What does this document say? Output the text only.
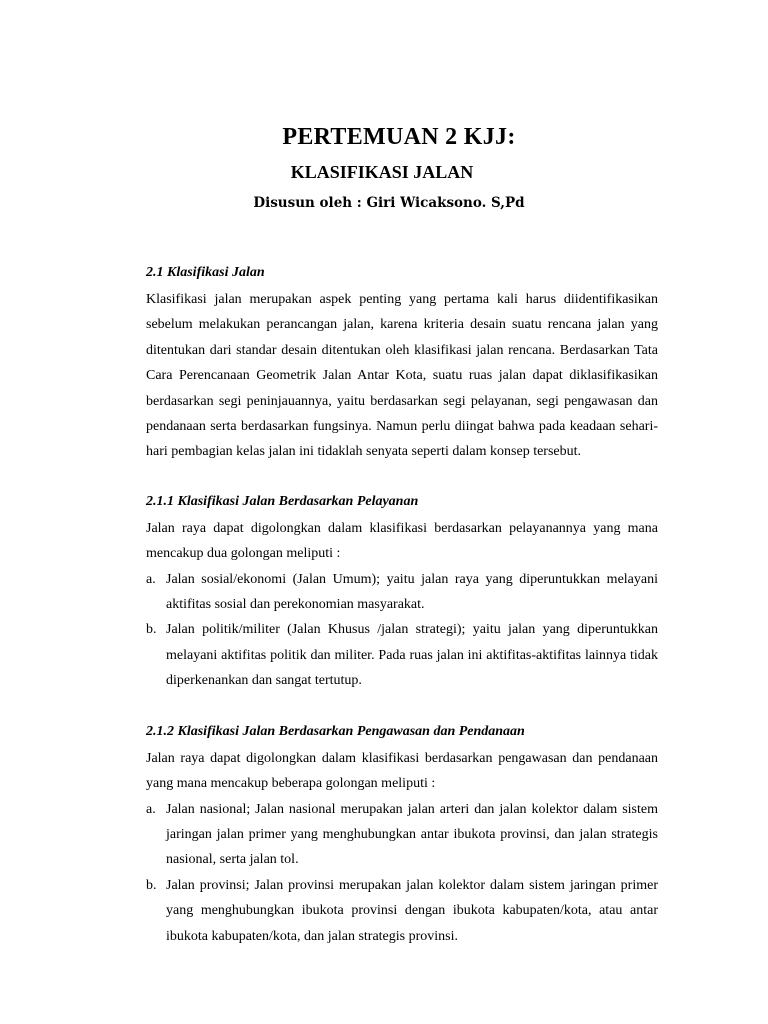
PERTEMUAN 2 KJJ:
KLASIFIKASI JALAN
Disusun oleh : Giri Wicaksono. S,Pd
2.1 Klasifikasi Jalan

Klasifikasi jalan merupakan aspek penting yang pertama kali harus diidentifikasikan sebelum melakukan perancangan jalan, karena kriteria desain suatu rencana jalan yang ditentukan dari standar desain ditentukan oleh klasifikasi jalan rencana. Berdasarkan Tata Cara Perencanaan Geometrik Jalan Antar Kota, suatu ruas jalan dapat diklasifikasikan berdasarkan segi peninjauannya, yaitu berdasarkan segi pelayanan, segi pengawasan dan pendanaan serta berdasarkan fungsinya. Namun perlu diingat bahwa pada keadaan sehari-hari pembagian kelas jalan ini tidaklah senyata seperti dalam konsep tersebut.

2.1.1 Klasifikasi Jalan Berdasarkan Pelayanan

Jalan raya dapat digolongkan dalam klasifikasi berdasarkan pelayanannya yang mana mencakup dua golongan meliputi :

a. Jalan sosial/ekonomi (Jalan Umum); yaitu jalan raya yang diperuntukkan melayani aktifitas sosial dan perekonomian masyarakat.
b. Jalan politik/militer (Jalan Khusus /jalan strategi); yaitu jalan yang diperuntukkan melayani aktifitas politik dan militer. Pada ruas jalan ini aktifitas-aktifitas lainnya tidak diperkenankan dan sangat tertutup.
2.1.2 Klasifikasi Jalan Berdasarkan Pengawasan dan Pendanaan

Jalan raya dapat digolongkan dalam klasifikasi berdasarkan pengawasan dan pendanaan yang mana mencakup beberapa golongan meliputi :

a. Jalan nasional; Jalan nasional merupakan jalan arteri dan jalan kolektor dalam sistem jaringan jalan primer yang menghubungkan antar ibukota provinsi, dan jalan strategis nasional, serta jalan tol.
b. Jalan provinsi; Jalan provinsi merupakan jalan kolektor dalam sistem jaringan primer yang menghubungkan ibukota provinsi dengan ibukota kabupaten/kota, atau antar ibukota kabupaten/kota, dan jalan strategis provinsi.
